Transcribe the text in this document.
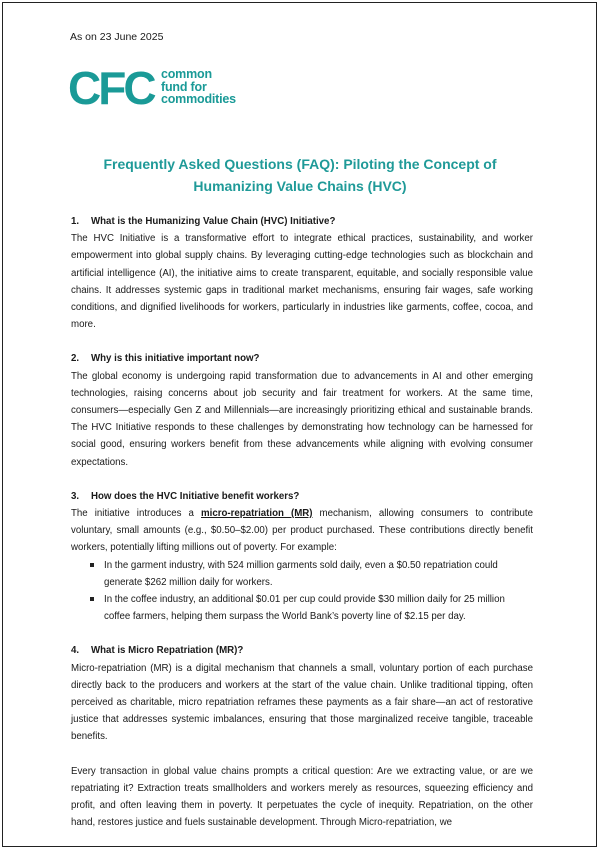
As on 23 June 2025
CFC common
fund for
commodities
Frequently Asked Questions (FAQ): Piloting the Concept of
Humanizing Value Chains (HVC)
1.	What is the Humanizing Value Chain (HVC) Initiative?

The HVC Initiative is a transformative effort to integrate ethical practices, sustainability, and worker empowerment into global supply chains. By leveraging cutting-edge technologies such as blockchain and artificial intelligence (AI), the initiative aims to create transparent, equitable, and socially responsible value chains. It addresses systemic gaps in traditional market mechanisms, ensuring fair wages, safe working conditions, and dignified livelihoods for workers, particularly in industries like garments, coffee, cocoa, and more.

2.	Why is this initiative important now?

The global economy is undergoing rapid transformation due to advancements in AI and other emerging technologies, raising concerns about job security and fair treatment for workers. At the same time, consumers—especially Gen Z and Millennials—are increasingly prioritizing ethical and sustainable brands. The HVC Initiative responds to these challenges by demonstrating how technology can be harnessed for social good, ensuring workers benefit from these advancements while aligning with evolving consumer expectations.

3.	How does the HVC Initiative benefit workers?

The initiative introduces a micro-repatriation (MR) mechanism, allowing consumers to contribute voluntary, small amounts (e.g., $0.50–$2.00) per product purchased. These contributions directly benefit workers, potentially lifting millions out of poverty. For example:

In the garment industry, with 524 million garments sold daily, even a $0.50 repatriation could generate $262 million daily for workers.
In the coffee industry, an additional $0.01 per cup could provide $30 million daily for 25 million coffee farmers, helping them surpass the World Bank’s poverty line of $2.15 per day.
4.	What is Micro Repatriation (MR)?

Micro-repatriation (MR) is a digital mechanism that channels a small, voluntary portion of each purchase directly back to the producers and workers at the start of the value chain. Unlike traditional tipping, often perceived as charitable, micro repatriation reframes these payments as a fair share—an act of restorative justice that addresses systemic imbalances, ensuring that those marginalized receive tangible, traceable benefits.

Every transaction in global value chains prompts a critical question: Are we extracting value, or are we repatriating it? Extraction treats smallholders and workers merely as resources, squeezing efficiency and profit, and often leaving them in poverty. It perpetuates the cycle of inequity. Repatriation, on the other hand, restores justice and fuels sustainable development. Through Micro-repatriation, we
